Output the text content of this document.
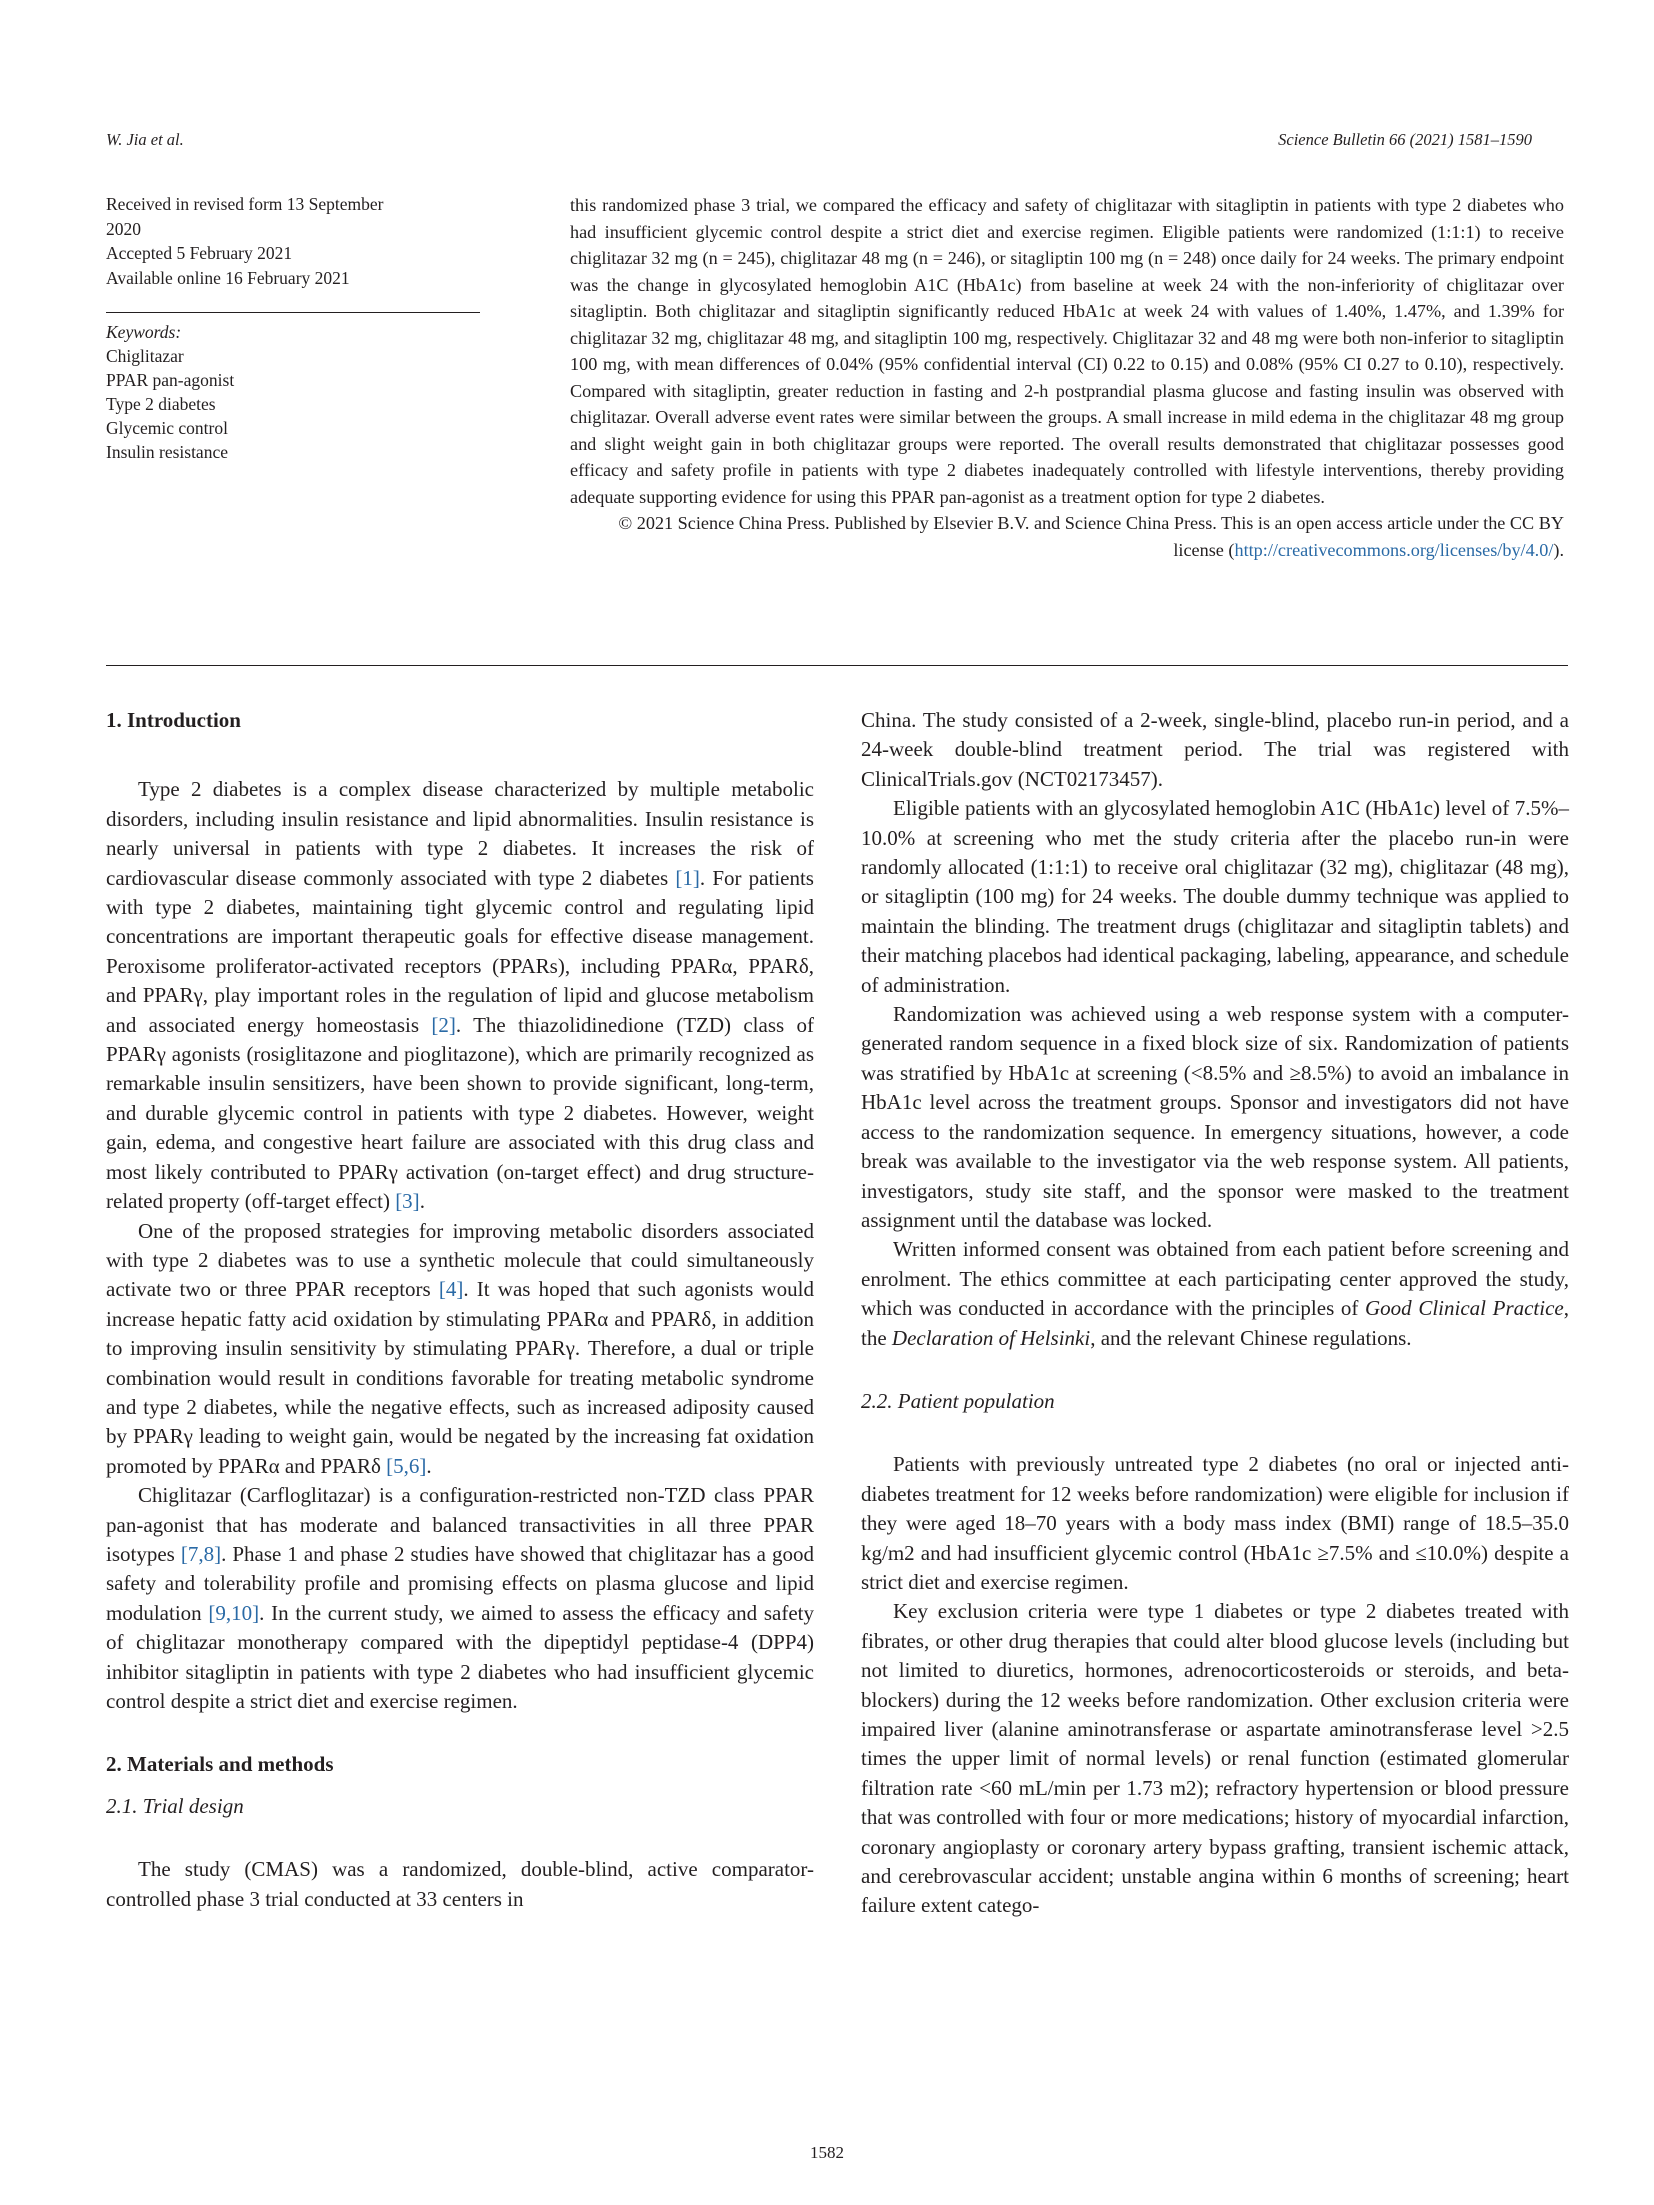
W. Jia et al.	Science Bulletin 66 (2021) 1581–1590
Received in revised form 13 September
2020
Accepted 5 February 2021
Available online 16 February 2021
Keywords:
Chiglitazar
PPAR pan-agonist
Type 2 diabetes
Glycemic control
Insulin resistance

this randomized phase 3 trial, we compared the efficacy and safety of chiglitazar with sitagliptin in patients with type 2 diabetes who had insufficient glycemic control despite a strict diet and exercise regimen. Eligible patients were randomized (1:1:1) to receive chiglitazar 32 mg (n = 245), chiglitazar 48 mg (n = 246), or sitagliptin 100 mg (n = 248) once daily for 24 weeks. The primary endpoint was the change in glycosylated hemoglobin A1C (HbA1c) from baseline at week 24 with the non-inferiority of chiglitazar over sitagliptin. Both chiglitazar and sitagliptin significantly reduced HbA1c at week 24 with values of 1.40%, 1.47%, and 1.39% for chiglitazar 32 mg, chiglitazar 48 mg, and sitagliptin 100 mg, respectively. Chiglitazar 32 and 48 mg were both non-inferior to sitagliptin 100 mg, with mean differences of 0.04% (95% confidential interval (CI) 0.22 to 0.15) and 0.08% (95% CI 0.27 to 0.10), respectively. Compared with sitagliptin, greater reduction in fasting and 2-h postprandial plasma glucose and fasting insulin was observed with chiglitazar. Overall adverse event rates were similar between the groups. A small increase in mild edema in the chiglitazar 48 mg group and slight weight gain in both chiglitazar groups were reported. The overall results demonstrated that chiglitazar possesses good efficacy and safety profile in patients with type 2 diabetes inadequately controlled with lifestyle interventions, thereby providing adequate supporting evidence for using this PPAR pan-agonist as a treatment option for type 2 diabetes.

© 2021 Science China Press. Published by Elsevier B.V. and Science China Press. This is an open access article under the CC BY license (http://creativecommons.org/licenses/by/4.0/).

1. Introduction

Type 2 diabetes is a complex disease characterized by multiple metabolic disorders, including insulin resistance and lipid abnormalities. Insulin resistance is nearly universal in patients with type 2 diabetes. It increases the risk of cardiovascular disease commonly associated with type 2 diabetes [1]. For patients with type 2 diabetes, maintaining tight glycemic control and regulating lipid concentrations are important therapeutic goals for effective disease management. Peroxisome proliferator-activated receptors (PPARs), including PPARα, PPARδ, and PPARγ, play important roles in the regulation of lipid and glucose metabolism and associated energy homeostasis [2]. The thiazolidinedione (TZD) class of PPARγ agonists (rosiglitazone and pioglitazone), which are primarily recognized as remarkable insulin sensitizers, have been shown to provide significant, long-term, and durable glycemic control in patients with type 2 diabetes. However, weight gain, edema, and congestive heart failure are associated with this drug class and most likely contributed to PPARγ activation (on-target effect) and drug structure-related property (off-target effect) [3].

One of the proposed strategies for improving metabolic disorders associated with type 2 diabetes was to use a synthetic molecule that could simultaneously activate two or three PPAR receptors [4]. It was hoped that such agonists would increase hepatic fatty acid oxidation by stimulating PPARα and PPARδ, in addition to improving insulin sensitivity by stimulating PPARγ. Therefore, a dual or triple combination would result in conditions favorable for treating metabolic syndrome and type 2 diabetes, while the negative effects, such as increased adiposity caused by PPARγ leading to weight gain, would be negated by the increasing fat oxidation promoted by PPARα and PPARδ [5,6].

Chiglitazar (Carfloglitazar) is a configuration-restricted non-TZD class PPAR pan-agonist that has moderate and balanced transactivities in all three PPAR isotypes [7,8]. Phase 1 and phase 2 studies have showed that chiglitazar has a good safety and tolerability profile and promising effects on plasma glucose and lipid modulation [9,10]. In the current study, we aimed to assess the efficacy and safety of chiglitazar monotherapy compared with the dipeptidyl peptidase-4 (DPP4) inhibitor sitagliptin in patients with type 2 diabetes who had insufficient glycemic control despite a strict diet and exercise regimen.

2. Materials and methods

2.1. Trial design

The study (CMAS) was a randomized, double-blind, active comparator-controlled phase 3 trial conducted at 33 centers in

China. The study consisted of a 2-week, single-blind, placebo run-in period, and a 24-week double-blind treatment period. The trial was registered with ClinicalTrials.gov (NCT02173457).

Eligible patients with an glycosylated hemoglobin A1C (HbA1c) level of 7.5%–10.0% at screening who met the study criteria after the placebo run-in were randomly allocated (1:1:1) to receive oral chiglitazar (32 mg), chiglitazar (48 mg), or sitagliptin (100 mg) for 24 weeks. The double dummy technique was applied to maintain the blinding. The treatment drugs (chiglitazar and sitagliptin tablets) and their matching placebos had identical packaging, labeling, appearance, and schedule of administration.

Randomization was achieved using a web response system with a computer-generated random sequence in a fixed block size of six. Randomization of patients was stratified by HbA1c at screening (<8.5% and ≥8.5%) to avoid an imbalance in HbA1c level across the treatment groups. Sponsor and investigators did not have access to the randomization sequence. In emergency situations, however, a code break was available to the investigator via the web response system. All patients, investigators, study site staff, and the sponsor were masked to the treatment assignment until the database was locked.

Written informed consent was obtained from each patient before screening and enrolment. The ethics committee at each participating center approved the study, which was conducted in accordance with the principles of Good Clinical Practice, the Declaration of Helsinki, and the relevant Chinese regulations.

2.2. Patient population

Patients with previously untreated type 2 diabetes (no oral or injected anti-diabetes treatment for 12 weeks before randomization) were eligible for inclusion if they were aged 18–70 years with a body mass index (BMI) range of 18.5–35.0 kg/m2 and had insufficient glycemic control (HbA1c ≥7.5% and ≤10.0%) despite a strict diet and exercise regimen.

Key exclusion criteria were type 1 diabetes or type 2 diabetes treated with fibrates, or other drug therapies that could alter blood glucose levels (including but not limited to diuretics, hormones, adrenocorticosteroids or steroids, and beta-blockers) during the 12 weeks before randomization. Other exclusion criteria were impaired liver (alanine aminotransferase or aspartate aminotransferase level >2.5 times the upper limit of normal levels) or renal function (estimated glomerular filtration rate <60 mL/min per 1.73 m2); refractory hypertension or blood pressure that was controlled with four or more medications; history of myocardial infarction, coronary angioplasty or coronary artery bypass grafting, transient ischemic attack, and cerebrovascular accident; unstable angina within 6 months of screening; heart failure extent catego-

1582
